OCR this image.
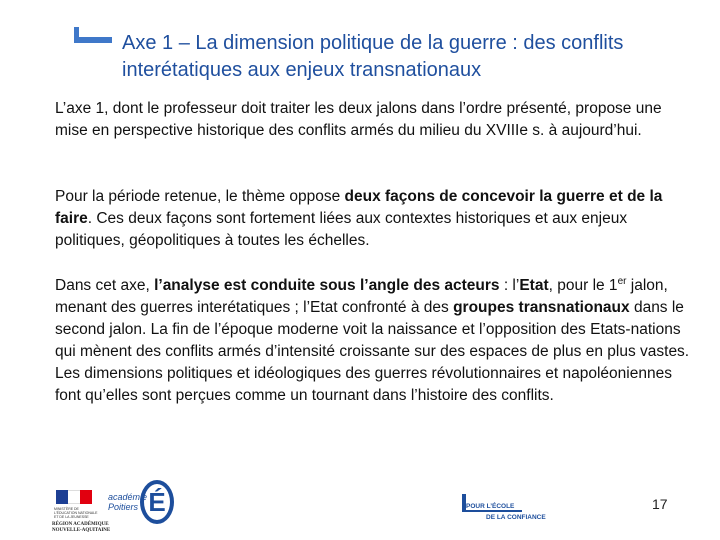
Axe 1 – La dimension politique de la guerre : des conflits interétatiques aux enjeux transnationaux
L’axe 1, dont le professeur doit traiter les deux jalons dans l’ordre présenté, propose une mise en perspective historique des conflits armés du milieu du XVIIIe s. à aujourd’hui.
Pour la période retenue, le thème oppose deux façons de concevoir la guerre et de la faire. Ces deux façons sont fortement liées aux contextes historiques et aux enjeux politiques, géopolitiques à toutes les échelles.
Dans cet axe, l’analyse est conduite sous l’angle des acteurs : l’Etat, pour le 1er jalon, menant des guerres interétatiques ; l’Etat confronté à des groupes transnationaux dans le second jalon. La fin de l’époque moderne voit la naissance et l’opposition des Etats-nations qui mènent des conflits armés d’intensité croissante sur des espaces de plus en plus vastes. Les dimensions politiques et idéologiques des guerres révolutionnaires et napoléoniennes font qu’elles sont perçues comme un tournant dans l’histoire des conflits.
MINISTÈRE DE L'ÉDUCATION NATIONALE ET DE LA JEUNESSE
RÉGION ACADÉMIQUE NOUVELLE-AQUITAINE
académie
Poitiers É	POUR L’ÉCOLE
DE LA CONFIANCE
17
